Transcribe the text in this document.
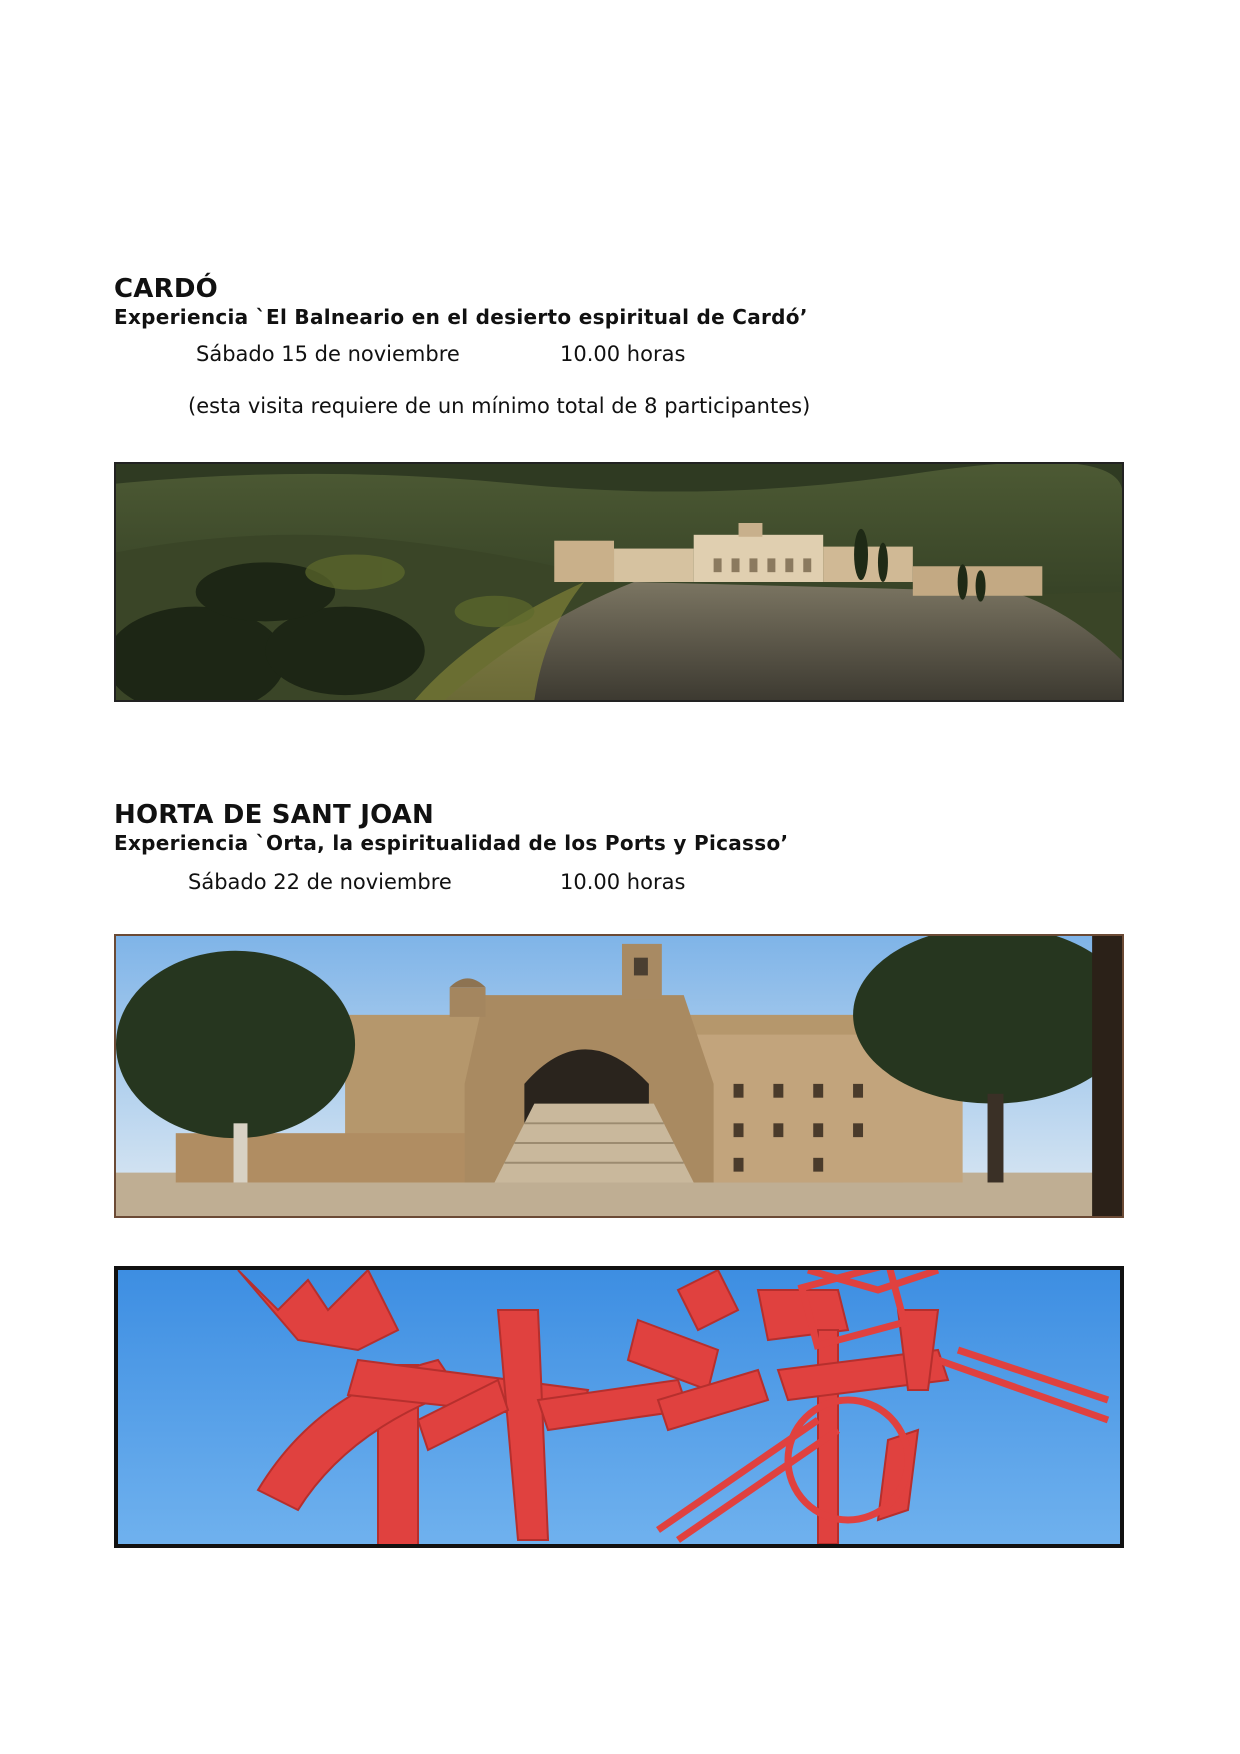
CARDÓ

Experiencia `El Balneario en el desierto espiritual de Cardó’

Sábado 15 de noviembre	10.00 horas
(esta visita requiere de un mínimo total de 8 participantes)
HORTA DE SANT JOAN

Experiencia `Orta, la espiritualidad de los Ports y Picasso’

Sábado 22 de noviembre	10.00 horas
